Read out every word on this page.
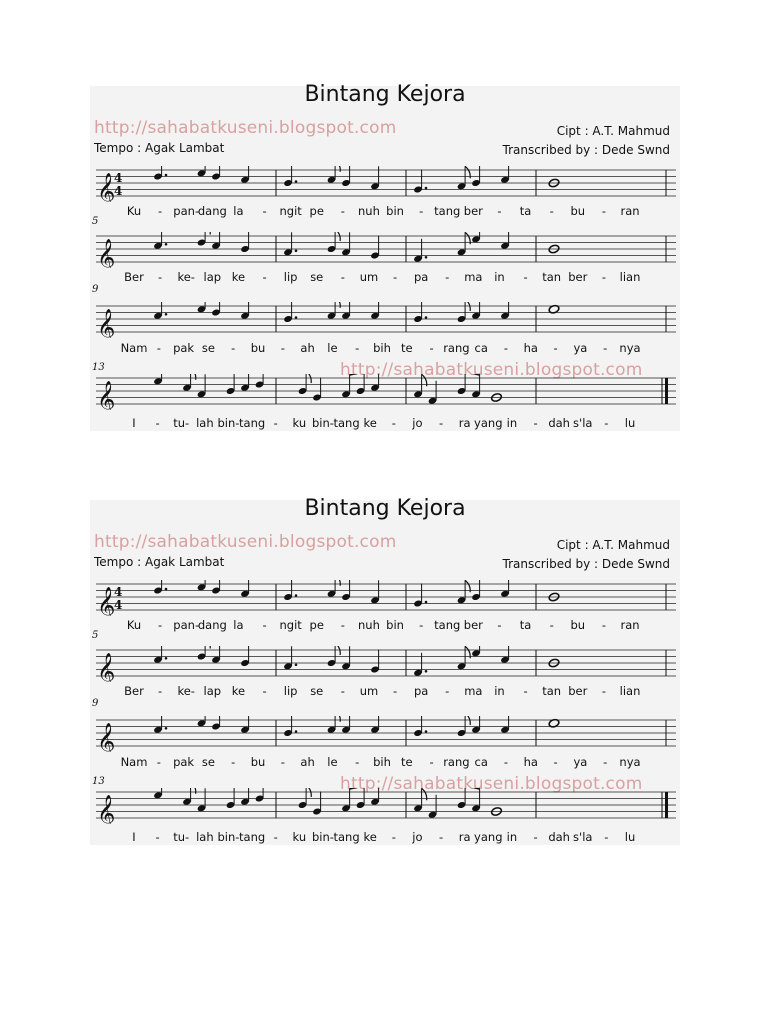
Bintang Kejora
http://sahabatkuseni.blogspot.com	Cipt : A.T. Mahmud
Tempo : Agak Lambat	Transcribed by : Dede Swnd
5
9
13
𝄞
4
4
Ku - pan-
dang la - ngit pe - nuh bin - tang ber - ta - bu - ran
𝄞
Ber - ke- lap ke - lip se - um - pa - ma in - tan ber - lian
𝄞
Nam - pak se - bu - ah le - bih te - rang ca - ha - ya - nya
http://sahabatkuseni.blogspot.com
𝄞
I - tu- lah bin- tang - ku bin- tang ke - jo - ra yang in - dah s'la - lu
Bintang Kejora
http://sahabatkuseni.blogspot.com	Cipt : A.T. Mahmud
Tempo : Agak Lambat	Transcribed by : Dede Swnd
5
9
13
𝄞
4
4
Ku - pan-
dang la - ngit pe - nuh bin - tang ber - ta - bu - ran
𝄞
Ber - ke- lap ke - lip se - um - pa - ma in - tan ber - lian
𝄞
Nam - pak se - bu - ah le - bih te - rang ca - ha - ya - nya
http://sahabatkuseni.blogspot.com
𝄞
I - tu- lah bin- tang - ku bin- tang ke - jo - ra yang in - dah s'la - lu
